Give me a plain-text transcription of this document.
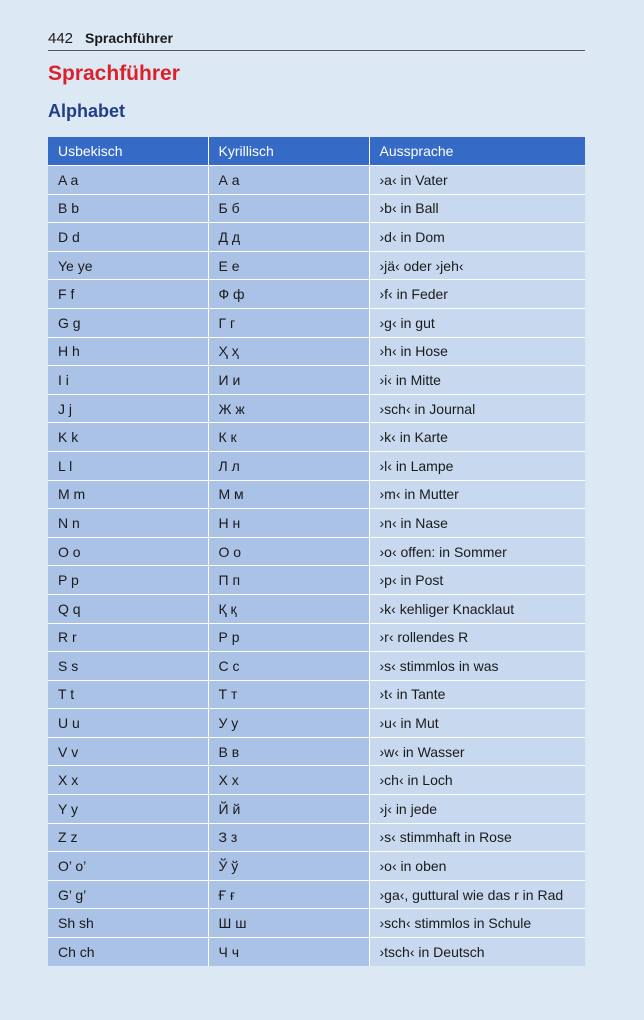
442 Sprachführer
Sprachführer
Alphabet
Usbekisch	Kyrillisch	Aussprache
A a	А а	›a‹ in Vater
B b	Б б	›b‹ in Ball
D d	Д д	›d‹ in Dom
Ye ye	Е е	›jä‹ oder ›jeh‹
F f	Ф ф	›f‹ in Feder
G g	Г г	›g‹ in gut
H h	Ҳ ҳ	›h‹ in Hose
I i	И и	›i‹ in Mitte
J j	Ж ж	›sch‹ in Journal
K k	К к	›k‹ in Karte
L l	Л л	›l‹ in Lampe
M m	М м	›m‹ in Mutter
N n	Н н	›n‹ in Nase
O o	О о	›o‹ offen: in Sommer
P p	П п	›p‹ in Post
Q q	Қ қ	›k‹ kehliger Knacklaut
R r	Р р	›r‹ rollendes R
S s	С с	›s‹ stimmlos in was
T t	Т т	›t‹ in Tante
U u	У у	›u‹ in Mut
V v	В в	›w‹ in Wasser
X x	Х х	›ch‹ in Loch
Y y	Й й	›j‹ in jede
Z z	З з	›s‹ stimmhaft in Rose
O’ o’	Ў ў	›o‹ in oben
G’ g’	Ғ ғ	›ga‹, guttural wie das r in Rad
Sh sh	Ш ш	›sch‹ stimmlos in Schule
Ch ch	Ч ч	›tsch‹ in Deutsch
